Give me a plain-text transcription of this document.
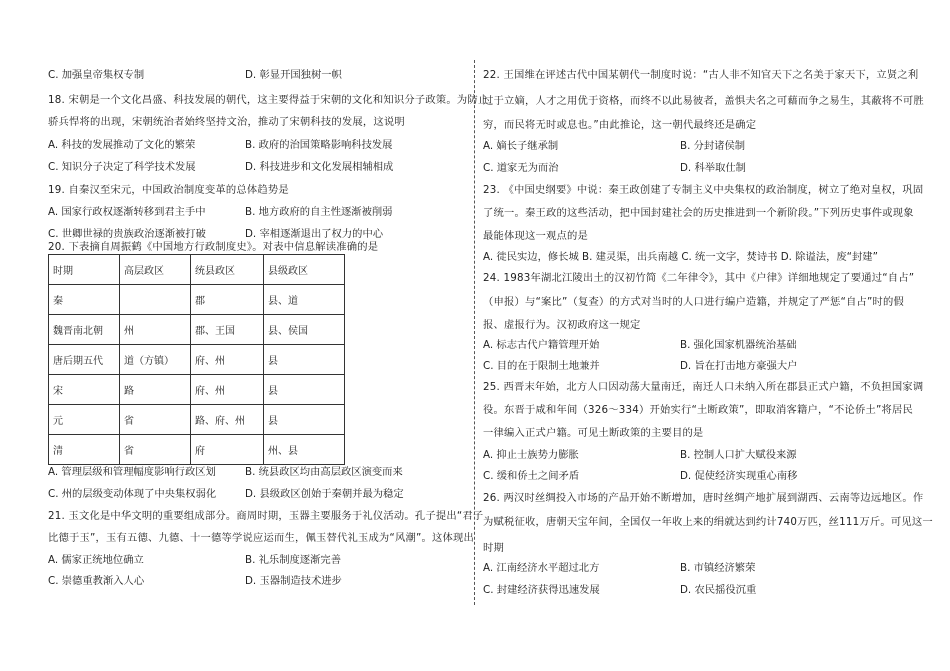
C. 加强皇帝集权专制	D. 彰显开国独树一帜
18. 宋朝是一个文化昌盛、科技发展的朝代，这主要得益于宋朝的文化和知识分子政策。为防止
骄兵悍将的出现，宋朝统治者始终坚持文治，推动了宋朝科技的发展，这说明
A. 科技的发展推动了文化的繁荣	B. 政府的治国策略影响科技发展
C. 知识分子决定了科学技术发展	D. 科技进步和文化发展相辅相成
19. 自秦汉至宋元，中国政治制度变革的总体趋势是
A. 国家行政权逐渐转移到君主手中	B. 地方政府的自主性逐渐被削弱
C. 世卿世禄的贵族政治逐渐被打破	D. 宰相逐渐退出了权力的中心
20. 下表摘自周振鹤《中国地方行政制度史》。对表中信息解读准确的是
时期	高层政区	统县政区	县级政区
秦		郡	县、道
魏晋南北朝	州	郡、王国	县、侯国
唐后期五代	道（方镇）	府、州	县
宋	路	府、州	县
元	省	路、府、州	县
清	省	府	州、县
A. 管理层级和管理幅度影响行政区划	B. 统县政区均由高层政区演变而来
C. 州的层级变动体现了中央集权弱化	D. 县级政区创始于秦朝并最为稳定
21. 玉文化是中华文明的重要组成部分。商周时期，玉器主要服务于礼仪活动。孔子提出“君子
比德于玉”，玉有五德、九德、十一德等学说应运而生，佩玉替代礼玉成为“风潮”。这体现出
A. 儒家正统地位确立	B. 礼乐制度逐渐完善
C. 崇德重教渐入人心	D. 玉器制造技术进步
22. 王国维在评述古代中国某朝代一制度时说：“古人非不知官天下之名美于家天下，立贤之利
过于立嫡，人才之用优于资格，而终不以此易彼者，盖惧夫名之可藉而争之易生，其蔽将不可胜
穷，而民将无时或息也。”由此推论，这一朝代最终还是确定
A. 嫡长子继承制	B. 分封诸侯制
C. 道家无为而治	D. 科举取仕制
23. 《中国史纲要》中说：秦王政创建了专制主义中央集权的政治制度，树立了绝对皇权，巩固
了统一。秦王政的这些活动，把中国封建社会的历史推进到一个新阶段。”下列历史事件或现象
最能体现这一观点的是
A. 徙民实边，修长城 B. 建灵渠，出兵南越 C. 统一文字，焚诗书 D. 除谥法，废“封建”
24. 1983年湖北江陵出土的汉初竹简《二年律令》，其中《户律》详细地规定了要通过“自占”
（申报）与“案比”（复查）的方式对当时的人口进行编户造籍，并规定了严惩“自占”时的假
报、虚报行为。汉初政府这一规定
A. 标志古代户籍管理开始	B. 强化国家机器统治基础
C. 目的在于限制土地兼并	D. 旨在打击地方豪强大户
25. 西晋末年始，北方人口因动荡大量南迁，南迁人口未纳入所在郡县正式户籍，不负担国家调
役。东晋于咸和年间（326～334）开始实行“土断政策”，即取消客籍户，“不论侨土”将居民
一律编入正式户籍。可见土断政策的主要目的是
A. 抑止士族势力膨胀	B. 控制人口扩大赋役来源
C. 缓和侨土之间矛盾	D. 促使经济实现重心南移
26. 两汉时丝绸投入市场的产品开始不断增加，唐时丝绸产地扩展到湖西、云南等边远地区。作
为赋税征收，唐朝天宝年间，全国仅一年收上来的绢就达到约计740万匹，丝111万斤。可见这一
时期
A. 江南经济水平超过北方	B. 市镇经济繁荣
C. 封建经济获得迅速发展	D. 农民摇役沉重
